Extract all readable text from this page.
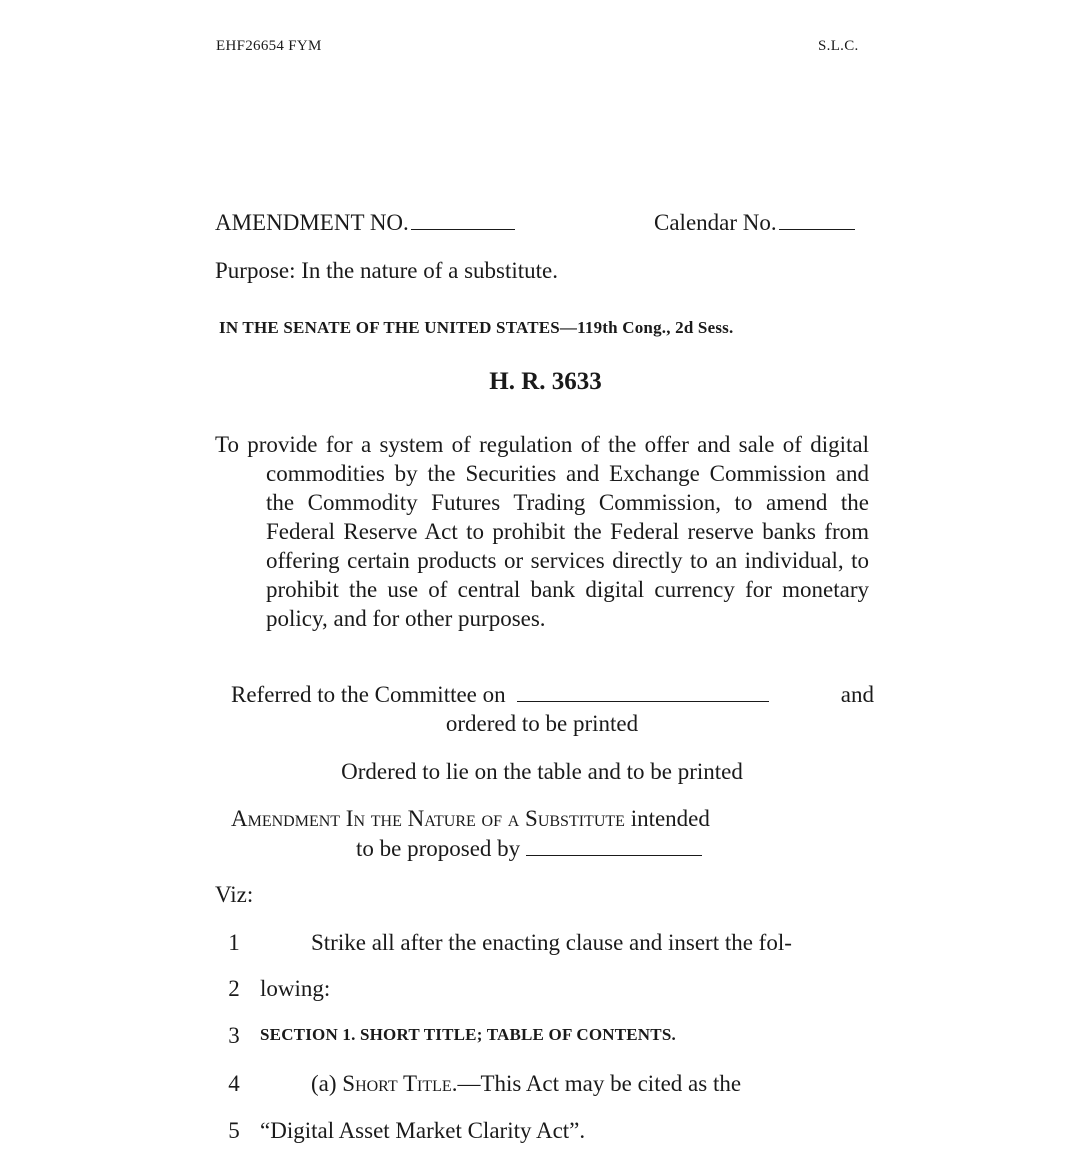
EHF26654 FYM	S.L.C.
AMENDMENT NO.	Calendar No.
Purpose: In the nature of a substitute.
IN THE SENATE OF THE UNITED STATES—119th Cong., 2d Sess.
H. R. 3633
To provide for a system of regulation of the offer and sale of digital commodities by the Securities and Exchange Commission and the Commodity Futures Trading Commission, to amend the Federal Reserve Act to prohibit the Federal reserve banks from offering certain products or services directly to an individual, to prohibit the use of central bank digital currency for monetary policy, and for other purposes.
Referred to the Committee on	and
ordered to be printed
Ordered to lie on the table and to be printed
Amendment In the Nature of a Substitute intended
to be proposed by
Viz:
1	Strike all after the enacting clause and insert the fol-
2 lowing:
3	SECTION 1. SHORT TITLE; TABLE OF CONTENTS.
4	(a) Short Title.—This Act may be cited as the
5 “Digital Asset Market Clarity Act”.
